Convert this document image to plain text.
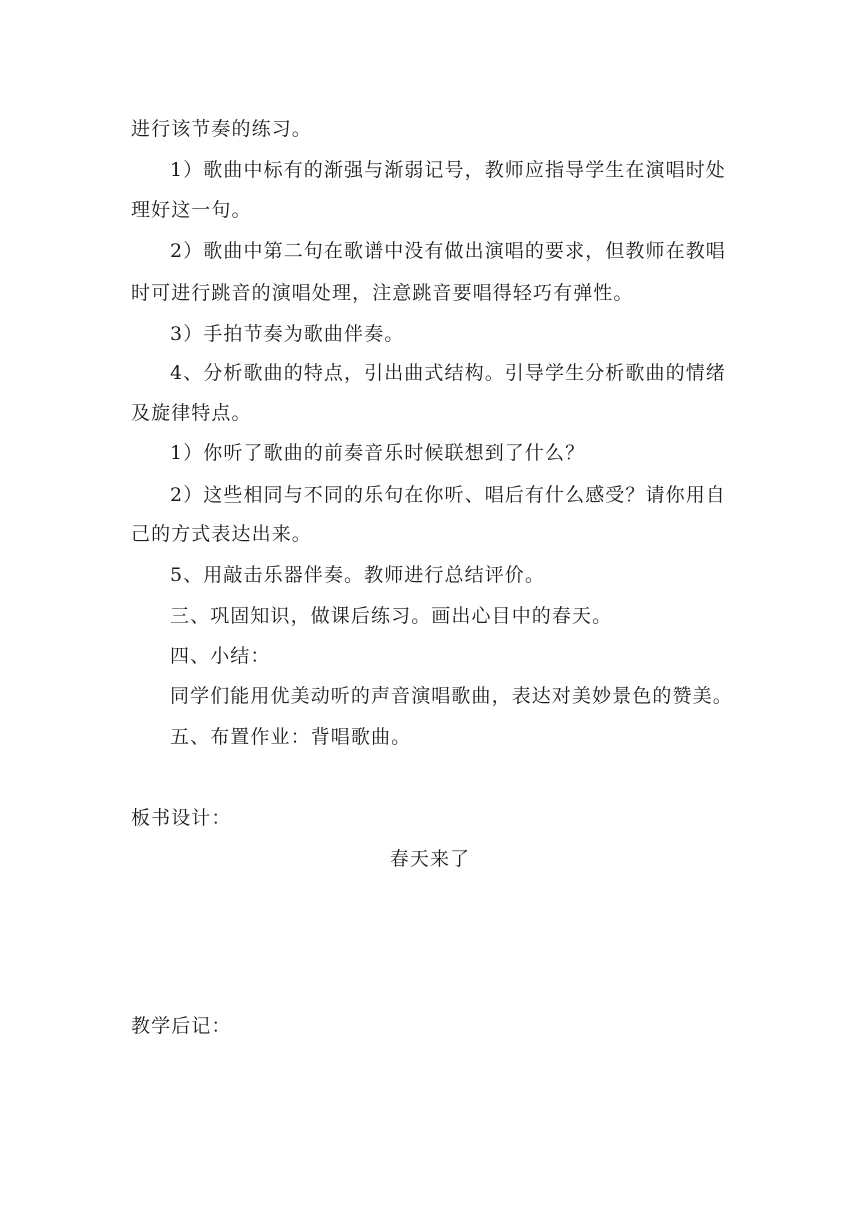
进行该节奏的练习。
1）歌曲中标有的渐强与渐弱记号，教师应指导学生在演唱时处
理好这一句。
2）歌曲中第二句在歌谱中没有做出演唱的要求，但教师在教唱
时可进行跳音的演唱处理，注意跳音要唱得轻巧有弹性。
3）手拍节奏为歌曲伴奏。
4、分析歌曲的特点，引出曲式结构。引导学生分析歌曲的情绪
及旋律特点。
1）你听了歌曲的前奏音乐时候联想到了什么？
2）这些相同与不同的乐句在你听、唱后有什么感受？请你用自
己的方式表达出来。
5、用敲击乐器伴奏。教师进行总结评价。
三、巩固知识，做课后练习。画出心目中的春天。
四、小结：
同学们能用优美动听的声音演唱歌曲，表达对美妙景色的赞美。
五、布置作业：背唱歌曲。
板书设计：
春天来了
教学后记：
